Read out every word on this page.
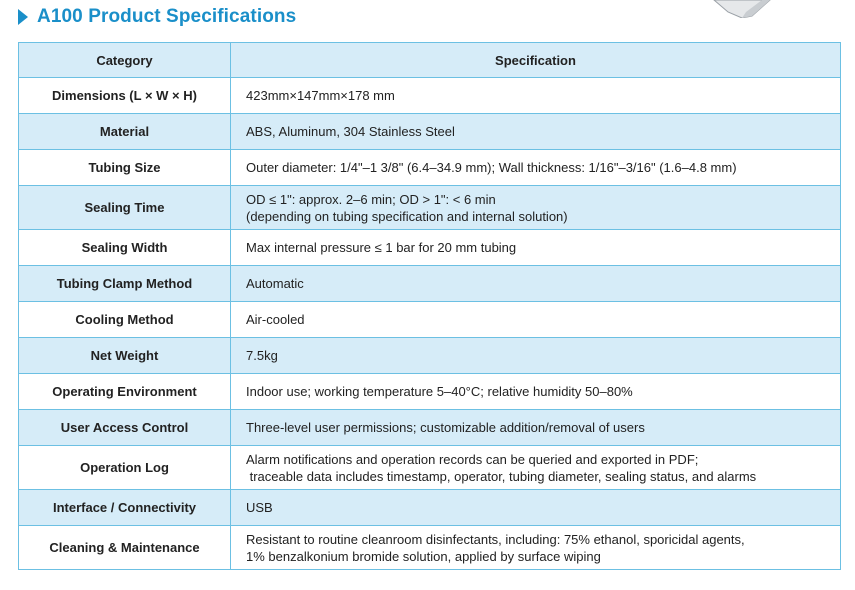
A100 Product Specifications
Category	Specification
Dimensions (L × W × H)	423mm×147mm×178 mm

Material	ABS, Aluminum, 304 Stainless Steel

Tubing Size	Outer diameter: 1/4"–1 3/8" (6.4–34.9 mm); Wall thickness: 1/16"–3/16" (1.6–4.8 mm)

Sealing Time	OD ≤ 1": approx. 2–6 min; OD > 1": < 6 min
(depending on tubing specification and internal solution)

Sealing Width	Max internal pressure ≤ 1 bar for 20 mm tubing

Tubing Clamp Method	Automatic

Cooling Method	Air-cooled

Net Weight	7.5kg

Operating Environment	Indoor use; working temperature 5–40°C; relative humidity 50–80%

User Access Control	Three-level user permissions; customizable addition/removal of users

Operation Log	Alarm notifications and operation records can be queried and exported in PDF;
traceable data includes timestamp, operator, tubing diameter, sealing status, and alarms

Interface / Connectivity	USB

Cleaning & Maintenance	Resistant to routine cleanroom disinfectants, including: 75% ethanol, sporicidal agents,
1% benzalkonium bromide solution, applied by surface wiping
